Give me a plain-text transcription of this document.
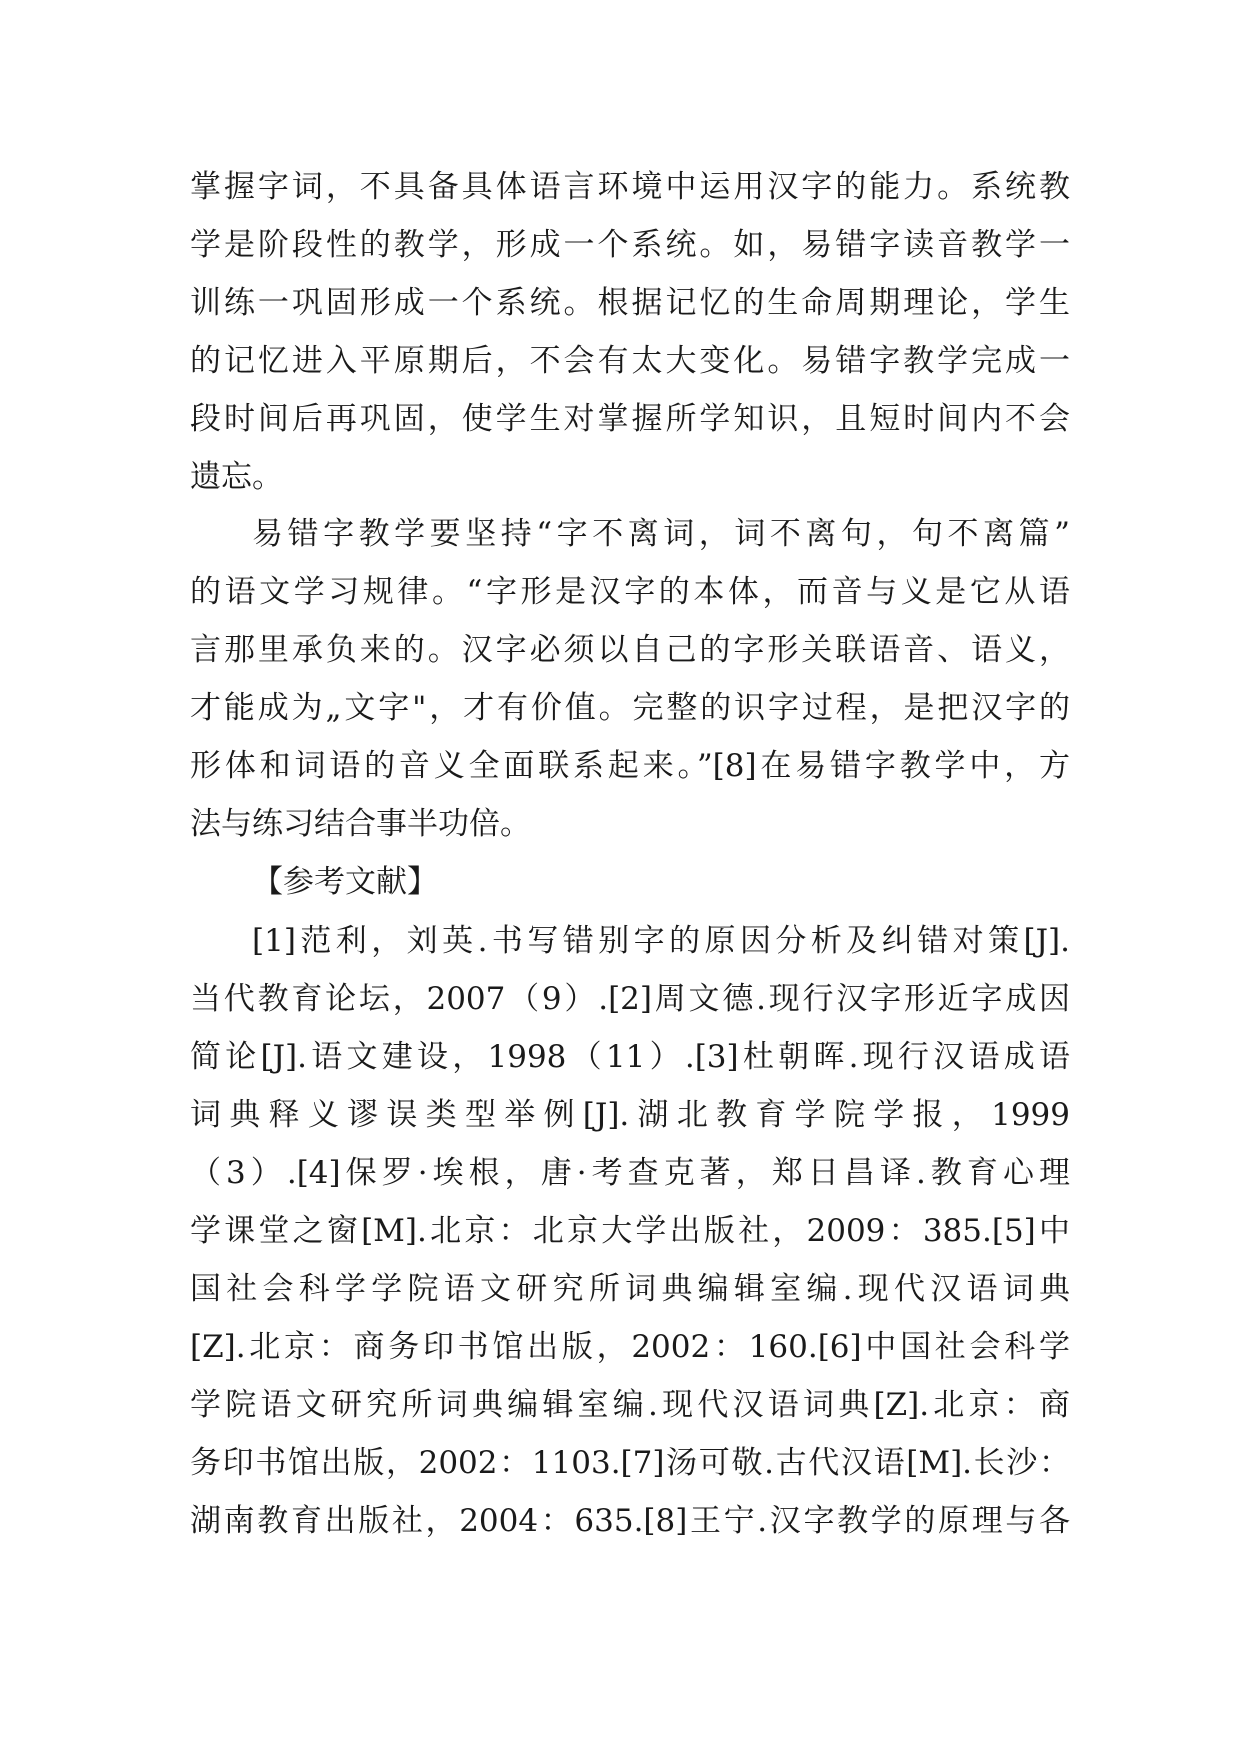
掌握字词，不具备具体语言环境中运用汉字的能力。系统教
学是阶段性的教学，形成一个系统。如，易错字读音教学一
训练一巩固形成一个系统。根据记忆的生命周期理论，学生
的记忆进入平原期后，不会有太大变化。易错字教学完成一
段时间后再巩固，使学生对掌握所学知识，且短时间内不会
遗忘。
易错字教学要坚持“字不离词，词不离句，句不离篇”
的语文学习规律。“字形是汉字的本体，而音与义是它从语
言那里承负来的。汉字必须以自己的字形关联语音、语义，
才能成为„文字"，才有价值。完整的识字过程，是把汉字的
形体和词语的音义全面联系起来。”[8]在易错字教学中，方
法与练习结合事半功倍。
【参考文献】
[1]范利，刘英.书写错别字的原因分析及纠错对策[J].
当代教育论坛，2007（9）.[2]周文德.现行汉字形近字成因
简论[J].语文建设，1998（11）.[3]杜朝晖.现行汉语成语
词典释义谬误类型举例[J].湖北教育学院学报，1999
（3）.[4]保罗·埃根，唐·考查克著，郑日昌译.教育心理
学课堂之窗[M].北京：北京大学出版社，2009：385.[5]中
国社会科学学院语文研究所词典编辑室编.现代汉语词典
[Z].北京：商务印书馆出版，2002：160.[6]中国社会科学
学院语文研究所词典编辑室编.现代汉语词典[Z].北京：商
务印书馆出版，2002：1103.[7]汤可敬.古代汉语[M].长沙：
湖南教育出版社，2004：635.[8]王宁.汉字教学的原理与各
